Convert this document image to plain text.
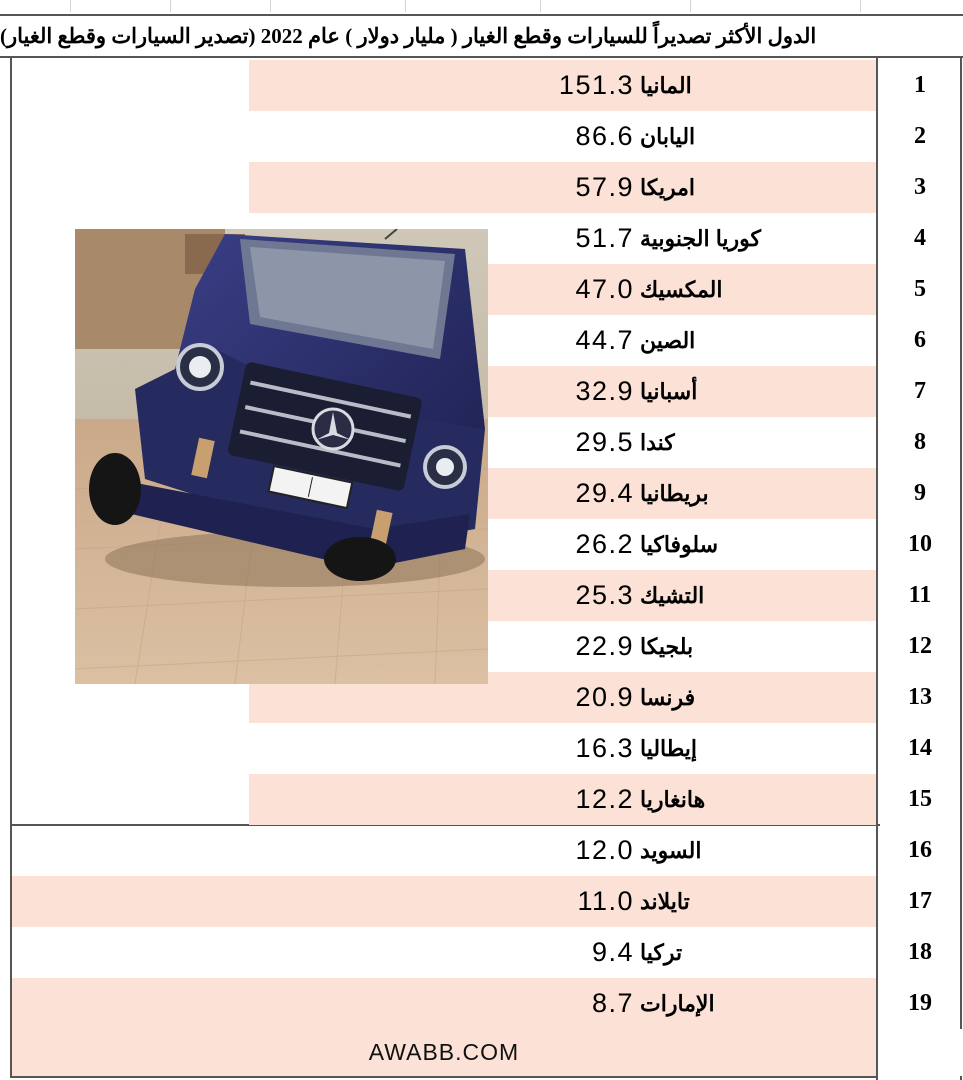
الدول الأكثر تصديراً للسيارات وقطع الغيار ( مليار دولار ) عام 2022 (تصدير السيارات وقطع الغيار)
1
المانيا
151.3
2
اليابان
86.6
3
امريكا
57.9
4
كوريا الجنوبية
51.7
5
المكسيك
47.0
6
الصين
44.7
7
أسبانيا
32.9
8
كندا
29.5
9
بريطانيا
29.4
10
سلوفاكيا
26.2
11
التشيك
25.3
12
بلجيكا
22.9
13
فرنسا
20.9
14
إيطاليا
16.3
15
هانغاريا
12.2
16
السويد
12.0
17
تايلاند
11.0
18
تركيا
9.4
19
الإمارات
8.7
AWABB.COM
